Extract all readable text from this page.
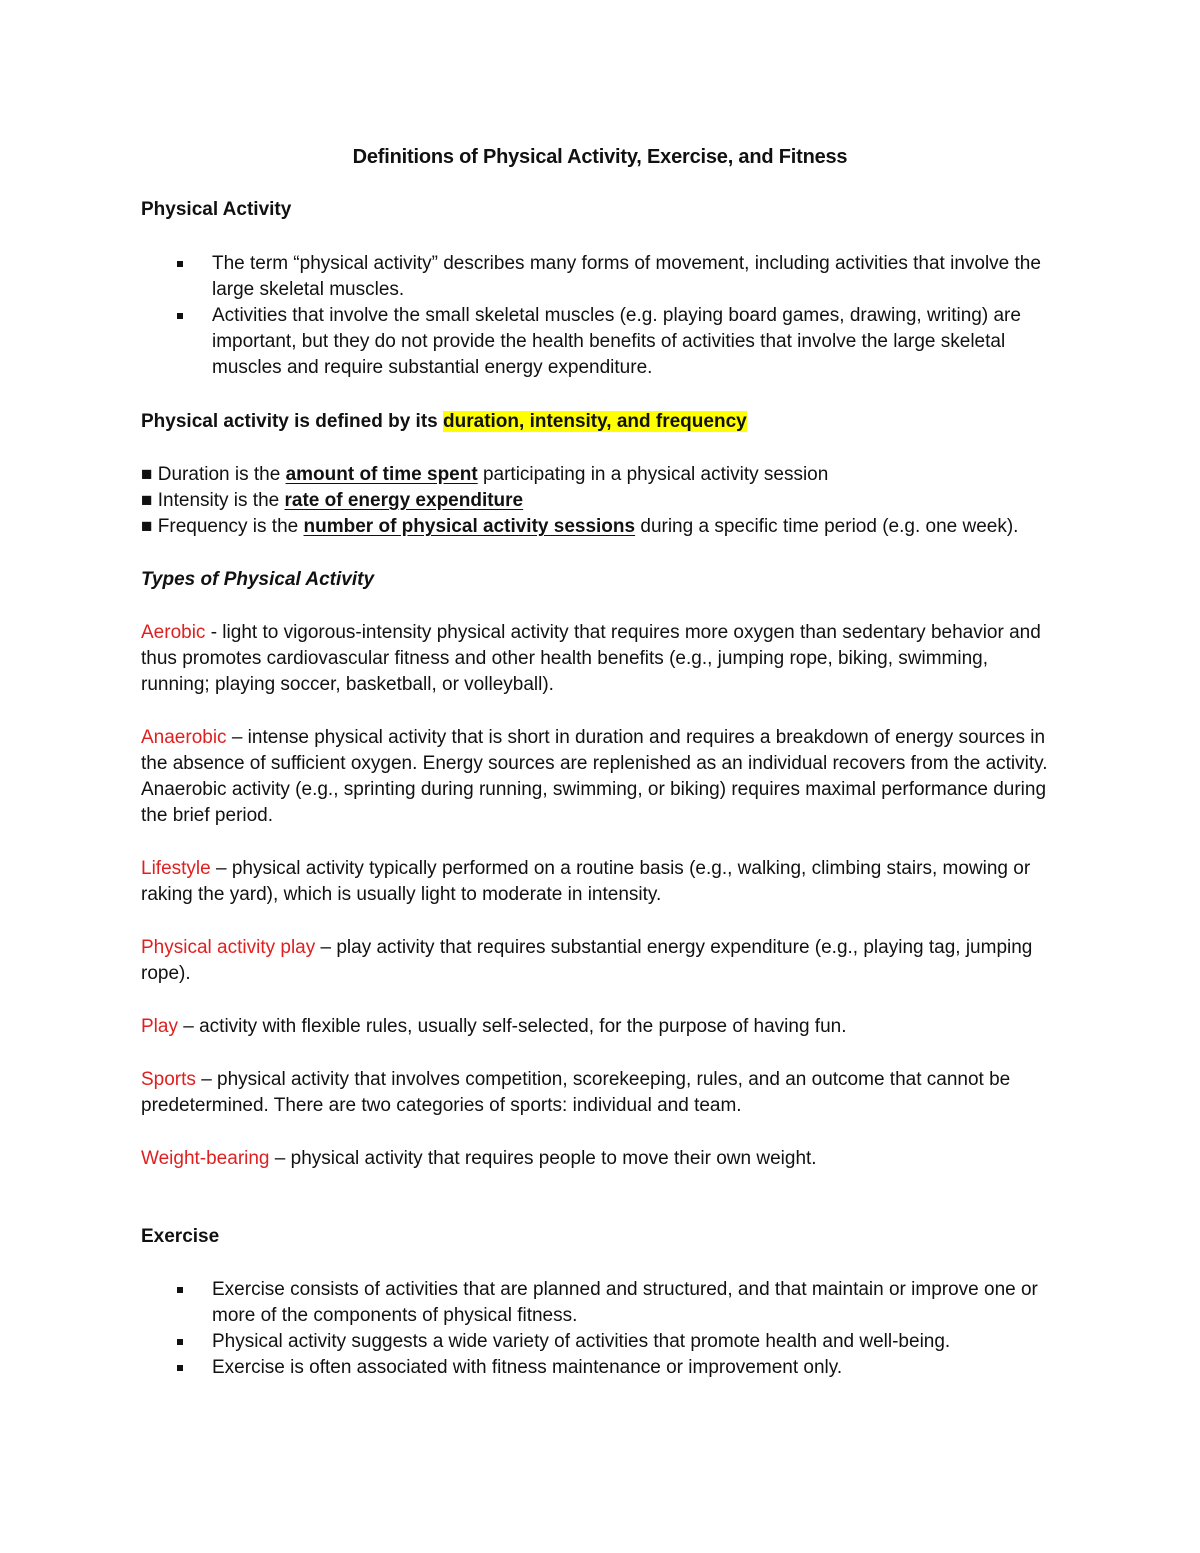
Definitions of Physical Activity, Exercise, and Fitness
Physical Activity
The term “physical activity” describes many forms of movement, including activities that involve the large skeletal muscles.
Activities that involve the small skeletal muscles (e.g. playing board games, drawing, writing) are important, but they do not provide the health benefits of activities that involve the large skeletal muscles and require substantial energy expenditure.
Physical activity is defined by its duration, intensity, and frequency
■ Duration is the amount of time spent participating in a physical activity session
■ Intensity is the rate of energy expenditure
■ Frequency is the number of physical activity sessions during a specific time period (e.g. one week).
Types of Physical Activity
Aerobic - light to vigorous-intensity physical activity that requires more oxygen than sedentary behavior and thus promotes cardiovascular fitness and other health benefits (e.g., jumping rope, biking, swimming, running; playing soccer, basketball, or volleyball).
Anaerobic – intense physical activity that is short in duration and requires a breakdown of energy sources in the absence of sufficient oxygen. Energy sources are replenished as an individual recovers from the activity. Anaerobic activity (e.g., sprinting during running, swimming, or biking) requires maximal performance during the brief period.
Lifestyle – physical activity typically performed on a routine basis (e.g., walking, climbing stairs, mowing or raking the yard), which is usually light to moderate in intensity.
Physical activity play – play activity that requires substantial energy expenditure (e.g., playing tag, jumping rope).
Play – activity with flexible rules, usually self-selected, for the purpose of having fun.
Sports – physical activity that involves competition, scorekeeping, rules, and an outcome that cannot be predetermined. There are two categories of sports: individual and team.
Weight-bearing – physical activity that requires people to move their own weight.
Exercise
Exercise consists of activities that are planned and structured, and that maintain or improve one or more of the components of physical fitness.
Physical activity suggests a wide variety of activities that promote health and well-being.
Exercise is often associated with fitness maintenance or improvement only.
